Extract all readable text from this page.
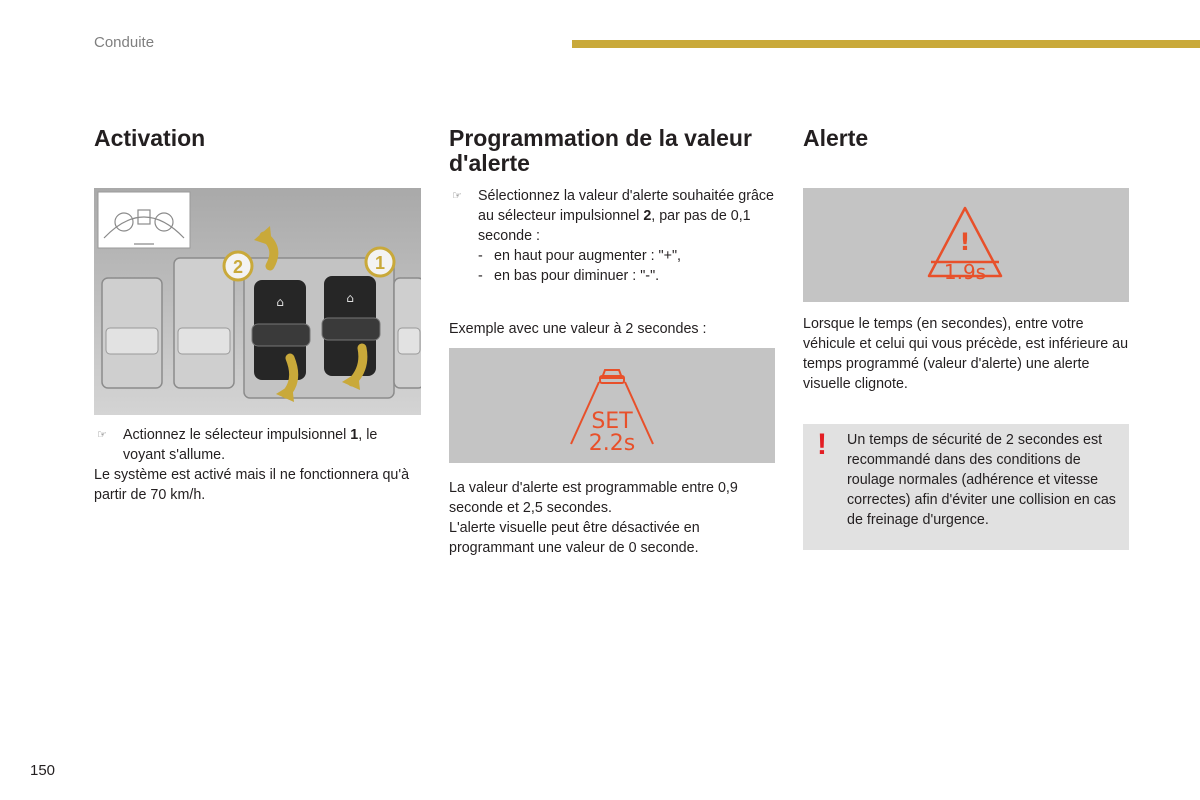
Conduite
Activation
⌂	⌂
2	1
☞ Actionnez le sélecteur impulsionnel 1, le voyant s'allume.

Le système est activé mais il ne fonctionnera qu'à partir de 70 km/h.

Programmation de la valeur d'alerte
☞ Sélectionnez la valeur d'alerte souhaitée grâce au sélecteur impulsionnel 2, par pas de 0,1 seconde :
- en haut pour augmenter : "+",
- en bas pour diminuer : "-".

Exemple avec une valeur à 2 secondes :

SET
2.2s

La valeur d'alerte est programmable entre 0,9 seconde et 2,5 secondes.

L'alerte visuelle peut être désactivée en programmant une valeur de 0 seconde.

Alerte
!
1.9s

Lorsque le temps (en secondes), entre votre véhicule et celui qui vous précède, est inférieure au temps programmé (valeur d'alerte) une alerte visuelle clignote.

! Un temps de sécurité de 2 secondes est recommandé dans des conditions de roulage normales (adhérence et vitesse correctes) afin d'éviter une collision en cas de freinage d'urgence.
150
